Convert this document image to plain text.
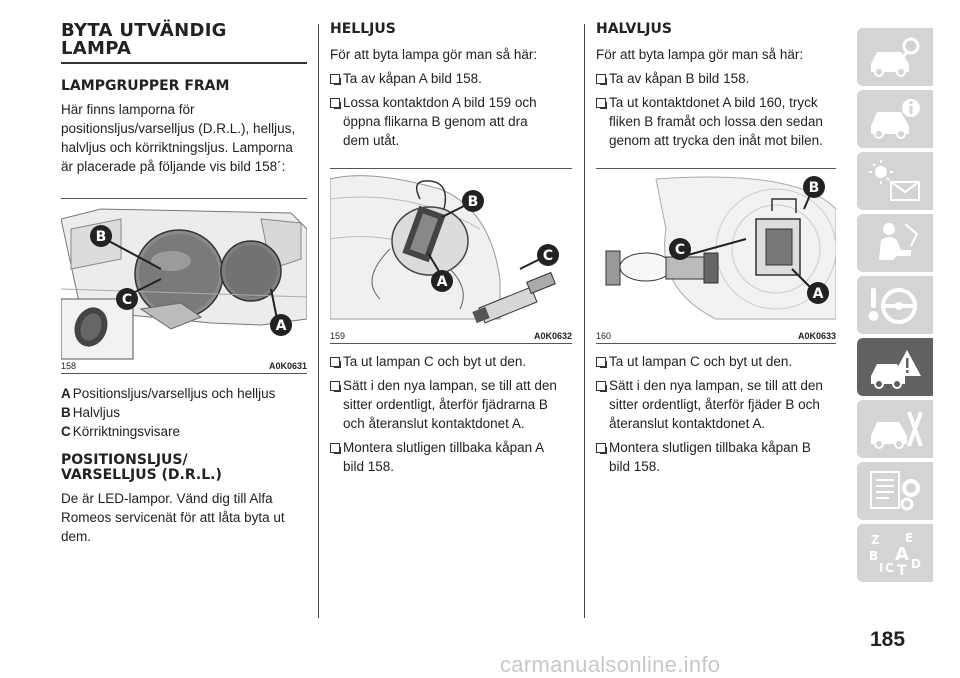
BYTA UTVÄNDIG
LAMPA
LAMPGRUPPER FRAM

Här finns lamporna för
positionsljus/varselljus (D.R.L.), helljus,
halvljus och körriktningsljus. Lamporna
är placerade på följande vis bild 158´:

B
C
A
158	A0K0631
A Positionsljus/varselljus och helljus
B Halvljus
C Körriktningsvisare
POSITIONSLJUS/
VARSELLJUS (D.R.L.)

De är LED-lampor. Vänd dig till Alfa
Romeos servicenät för att låta byta ut
dem.

HELLJUS

För att byta lampa gör man så här:

Ta av kåpan A bild 158.
Lossa kontaktdon A bild 159 och
öppna flikarna B genom att dra
dem utåt.
B
C
A
159	A0K0632
Ta ut lampan C och byt ut den.
Sätt i den nya lampan, se till att den
sitter ordentligt, återför fjädrarna B
och återanslut kontaktdonet A.
Montera slutligen tillbaka kåpan A
bild 158.
HALVLJUS

För att byta lampa gör man så här:

Ta av kåpan B bild 158.
Ta ut kontaktdonet A bild 160, tryck
fliken B framåt och lossa den sedan
genom att trycka den inåt mot bilen.
B
C
A
160	A0K0633
Ta ut lampan C och byt ut den.
Sätt i den nya lampan, se till att den
sitter ordentligt, återför fjäder B och
återanslut kontaktdonet A.
Montera slutligen tillbaka kåpan B
bild 158.
Z E
B A
I C T D
185
carmanualsonline.info
